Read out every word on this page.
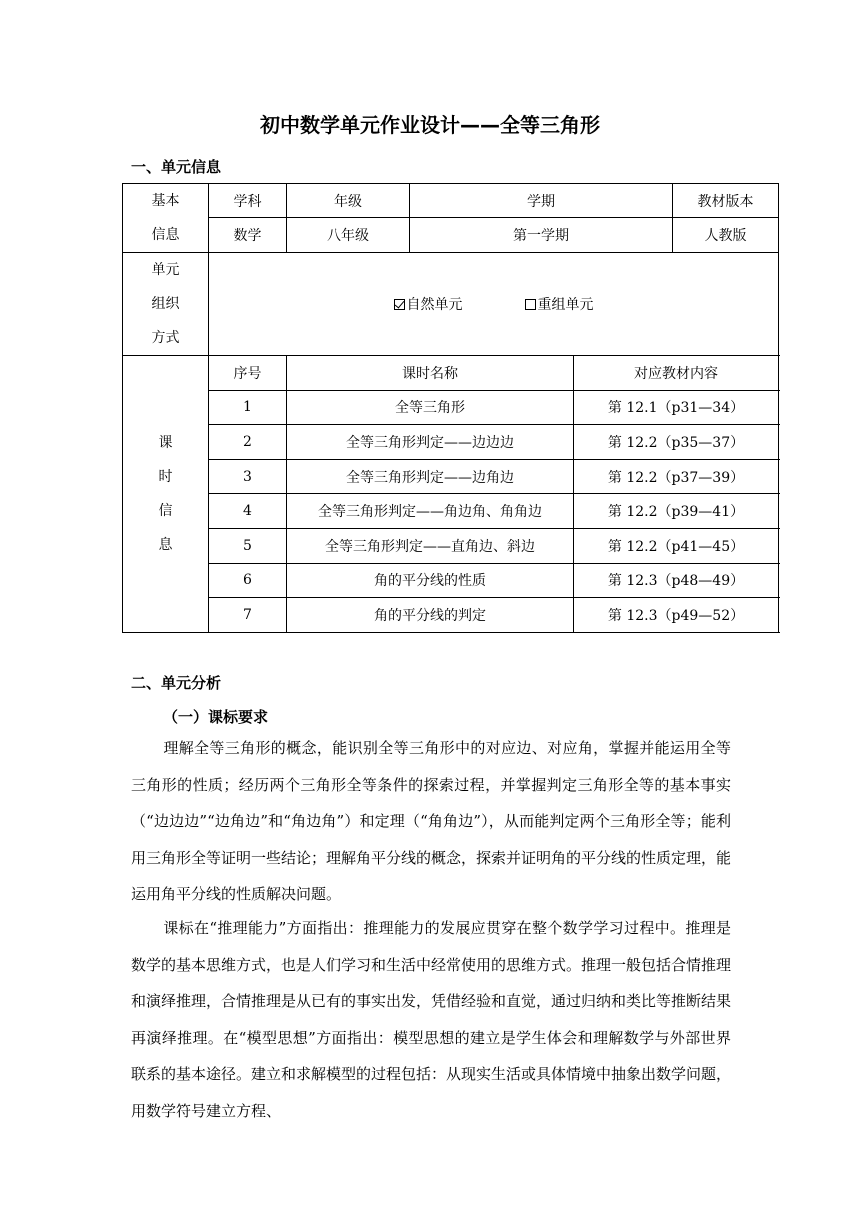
初中数学单元作业设计——全等三角形
一、单元信息
基本
信息	学科	年级	学期		教材版本	
	数学	八年级	第一学期		人教版	

单元
组织
方式	自然单元 重组单元					

课
时
信
息	序号	课时名称		对应教材内容		
	1	全等三角形		第 12.1（p31—34）		
	2	全等三角形判定——边边边		第 12.2（p35—37）		
	3	全等三角形判定——边角边		第 12.2（p37—39）		
	4	全等三角形判定——角边角、角角边		第 12.2（p39—41）		
	5	全等三角形判定——直角边、斜边		第 12.2（p41—45）		
	6	角的平分线的性质		第 12.3（p48—49）		
	7	角的平分线的判定		第 12.3（p49—52）		
二、单元分析
（一）课标要求

理解全等三角形的概念，能识别全等三角形中的对应边、对应角，掌握并能运用全等三角形的性质；经历两个三角形全等条件的探索过程，并掌握判定三角形全等的基本事实（“边边边”“边角边”和“角边角”）和定理（“角角边”），从而能判定两个三角形全等；能利用三角形全等证明一些结论；理解角平分线的概念，探索并证明角的平分线的性质定理，能运用角平分线的性质解决问题。

课标在“推理能力”方面指出：推理能力的发展应贯穿在整个数学学习过程中。推理是数学的基本思维方式，也是人们学习和生活中经常使用的思维方式。推理一般包括合情推理和演绎推理，合情推理是从已有的事实出发，凭借经验和直觉，通过归纳和类比等推断结果再演绎推理。在“模型思想”方面指出：模型思想的建立是学生体会和理解数学与外部世界联系的基本途径。建立和求解模型的过程包括：从现实生活或具体情境中抽象出数学问题，用数学符号建立方程、
